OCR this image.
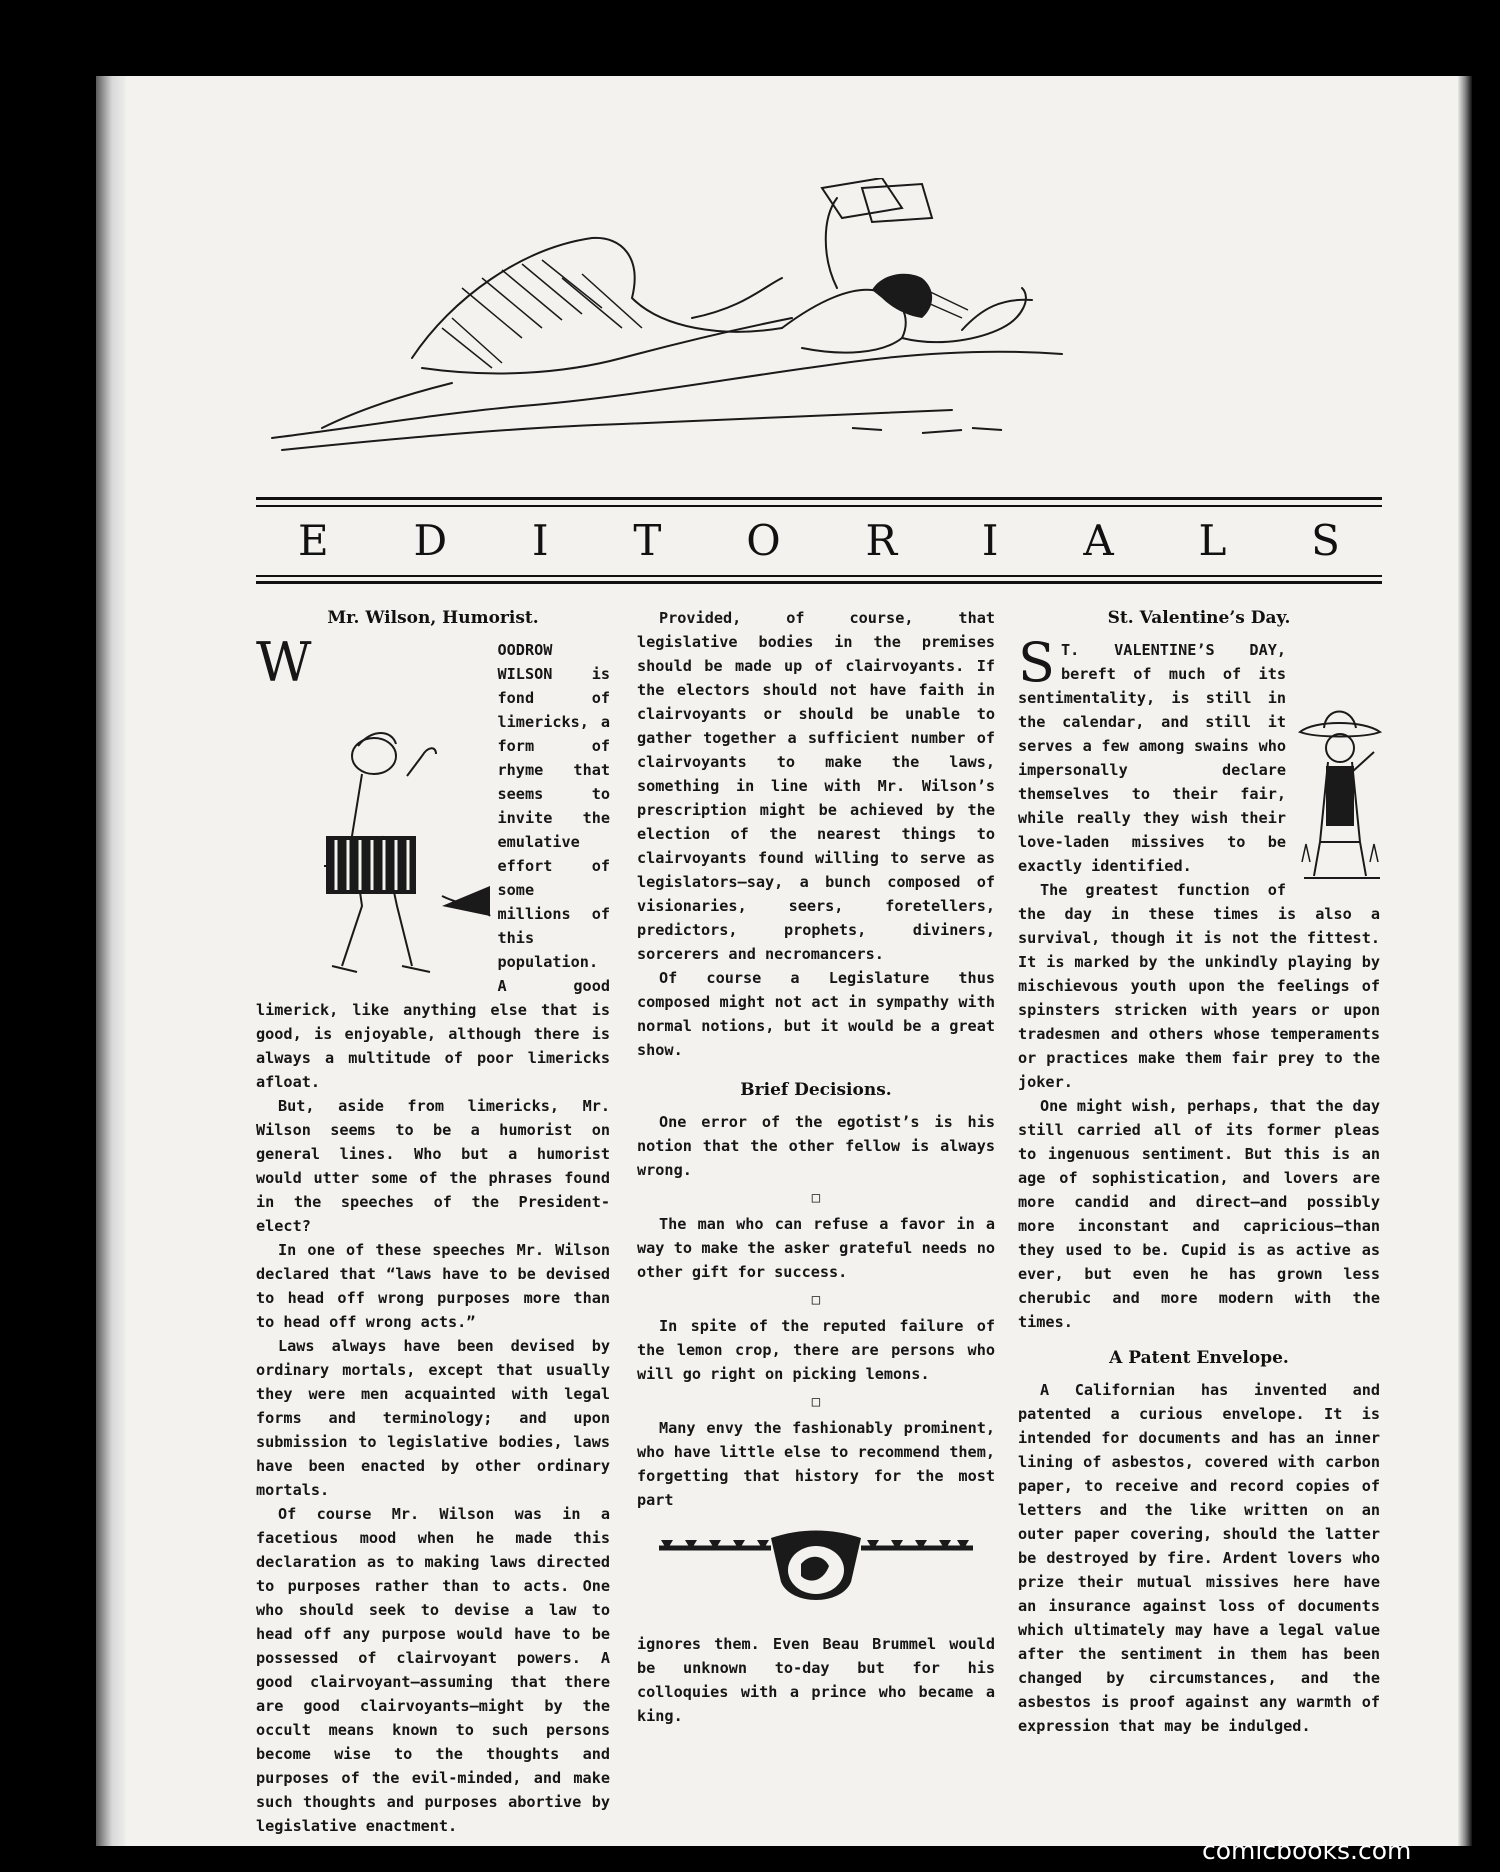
E D I T O R I A L S
Mr. Wilson, Humorist.

W	OODROW WILSON is fond of limericks, a form of rhyme that seems to invite the emulative effort of some millions of this population. A good limerick, like anything else that is good, is enjoyable, although there is always a multitude of poor limericks afloat.

But, aside from limericks, Mr. Wilson seems to be a humorist on general lines. Who but a humorist would utter some of the phrases found in the speeches of the President-elect?

In one of these speeches Mr. Wilson declared that “laws have to be devised to head off wrong purposes more than to head off wrong acts.”

Laws always have been devised by ordinary mortals, except that usually they were men acquainted with legal forms and terminology; and upon submission to legislative bodies, laws have been enacted by other ordinary mortals.

Of course Mr. Wilson was in a facetious mood when he made this declaration as to making laws directed to purposes rather than to acts. One who should seek to devise a law to head off any purpose would have to be possessed of clairvoyant powers. A good clairvoyant—assuming that there are good clairvoyants—might by the occult means known to such persons become wise to the thoughts and purposes of the evil-minded, and make such thoughts and purposes abortive by legislative enactment.

Provided, of course, that legislative bodies in the premises should be made up of clairvoyants. If the electors should not have faith in clairvoyants or should be unable to gather together a sufficient number of clairvoyants to make the laws, something in line with Mr. Wilson’s prescription might be achieved by the election of the nearest things to clairvoyants found willing to serve as legislators—say, a bunch composed of visionaries, seers, foretellers, predictors, prophets, diviners, sorcerers and necromancers.

Of course a Legislature thus composed might not act in sympathy with normal notions, but it would be a great show.

Brief Decisions.

One error of the egotist’s is his notion that the other fellow is always wrong.

□

The man who can refuse a favor in a way to make the asker grateful needs no other gift for success.

□

In spite of the reputed failure of the lemon crop, there are persons who will go right on picking lemons.

□

Many envy the fashionably prominent, who have little else to recommend them, forgetting that history for the most part

ignores them. Even Beau Brummel would be unknown to-day but for his colloquies with a prince who became a king.

St. Valentine’s Day.

S T. VALENTINE’S DAY, bereft of much of its sentimentality, is still in the calendar, and still it serves a few among swains who impersonally declare themselves to their fair, while really they wish their love-laden missives to be exactly identified.

The greatest function of the day in these times is also a survival, though it is not the fittest. It is marked by the unkindly playing by mischievous youth upon the feelings of spinsters stricken with years or upon tradesmen and others whose temperaments or practices make them fair prey to the joker.

One might wish, perhaps, that the day still carried all of its former pleas to ingenuous sentiment. But this is an age of sophistication, and lovers are more candid and direct—and possibly more inconstant and capricious—than they used to be. Cupid is as active as ever, but even he has grown less cherubic and more modern with the times.

A Patent Envelope.

A Californian has invented and patented a curious envelope. It is intended for documents and has an inner lining of asbestos, covered with carbon paper, to receive and record copies of letters and the like written on an outer paper covering, should the latter be destroyed by fire. Ardent lovers who prize their mutual missives here have an insurance against loss of documents which ultimately may have a legal value after the sentiment in them has been changed by circumstances, and the asbestos is proof against any warmth of expression that may be indulged.

comicbooks.com
